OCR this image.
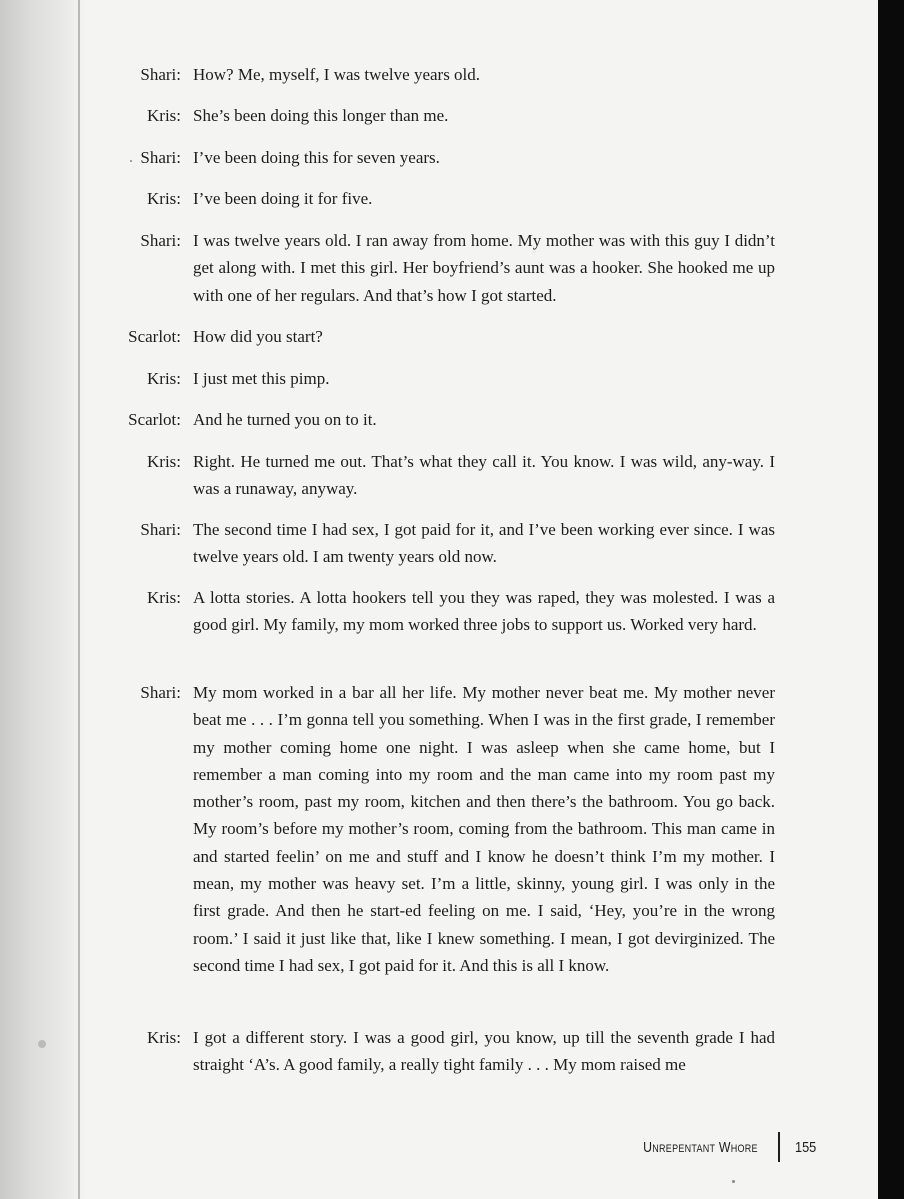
Shari: How? Me, myself, I was twelve years old.
Kris: She’s been doing this longer than me.
Shari: I’ve been doing this for seven years.
Kris: I’ve been doing it for five.
Shari: I was twelve years old. I ran away from home. My mother was with this guy I didn’t get along with. I met this girl. Her boyfriend’s aunt was a hooker. She hooked me up with one of her regulars. And that’s how I got started.
Scarlot: How did you start?
Kris: I just met this pimp.
Scarlot: And he turned you on to it.
Kris: Right. He turned me out. That’s what they call it. You know. I was wild, any-way. I was a runaway, anyway.
Shari: The second time I had sex, I got paid for it, and I’ve been working ever since. I was twelve years old. I am twenty years old now.
Kris: A lotta stories. A lotta hookers tell you they was raped, they was molested. I was a good girl. My family, my mom worked three jobs to support us. Worked very hard.
Shari: My mom worked in a bar all her life. My mother never beat me. My mother never beat me . . . I’m gonna tell you something. When I was in the first grade, I remember my mother coming home one night. I was asleep when she came home, but I remember a man coming into my room and the man came into my room past my mother’s room, past my room, kitchen and then there’s the bathroom. You go back. My room’s before my mother’s room, coming from the bathroom. This man came in and started feelin’ on me and stuff and I know he doesn’t think I’m my mother. I mean, my mother was heavy set. I’m a little, skinny, young girl. I was only in the first grade. And then he start-ed feeling on me. I said, ‘Hey, you’re in the wrong room.’ I said it just like that, like I knew something. I mean, I got devirginized. The second time I had sex, I got paid for it. And this is all I know.
Kris: I got a different story. I was a good girl, you know, up till the seventh grade I had straight ‘A’s. A good family, a really tight family . . . My mom raised me
Unrepentant Whore 155
